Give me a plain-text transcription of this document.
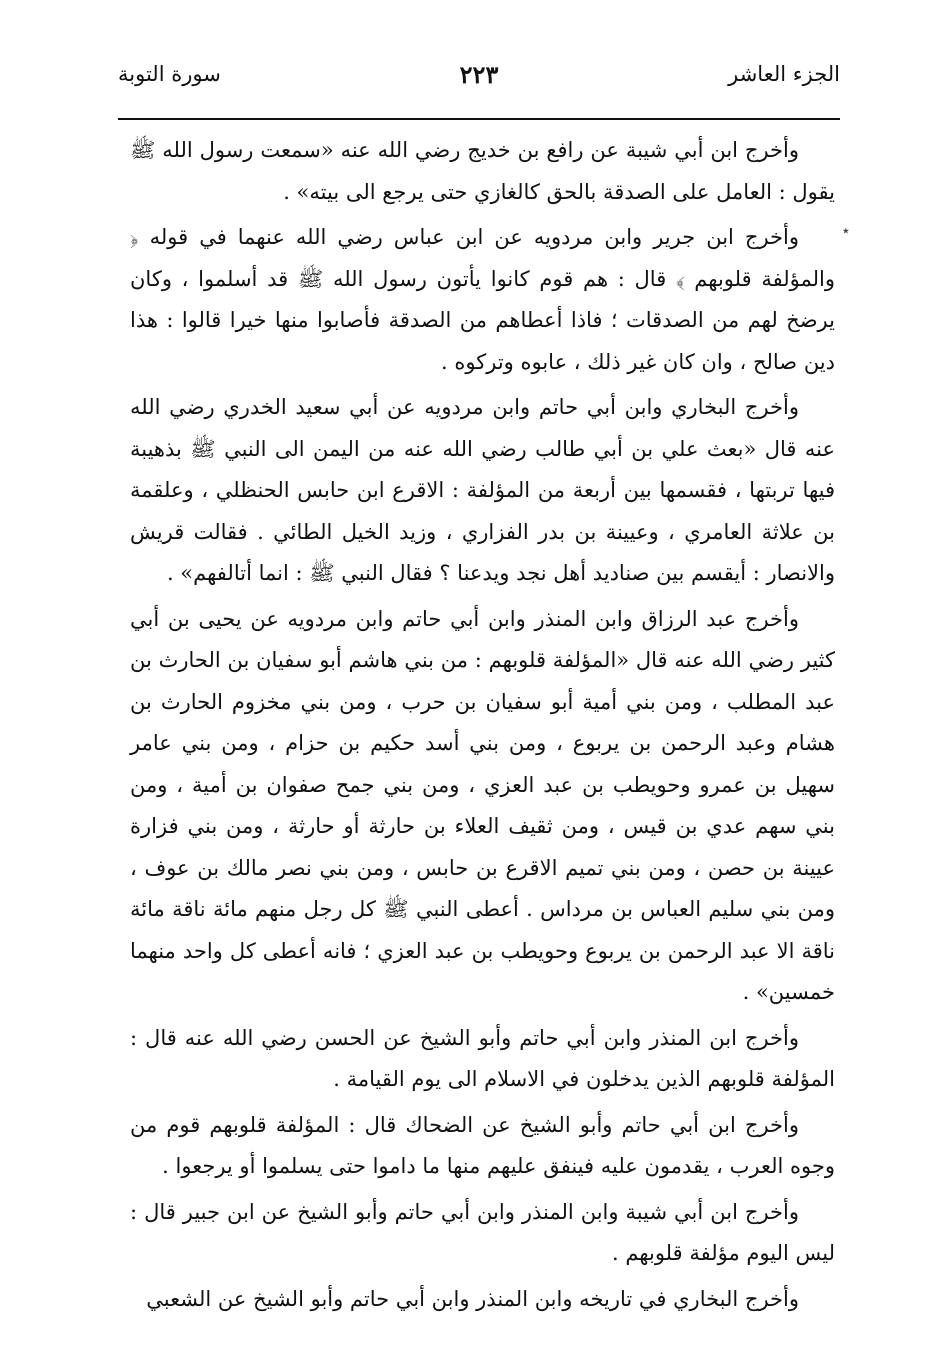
الجزء العاشر
٢٢٣
سورة التوبة
٭

وأخرج ابن أبي شيبة عن رافع بن خديج رضي الله عنه «سمعت رسول الله ﷺ يقول : العامل على الصدقة بالحق كالغازي حتى يرجع الى بيته» .

وأخرج ابن جرير وابن مردويه عن ابن عباس رضي الله عنهما في قوله ﴿ والمؤلفة قلوبهم ﴾ قال : هم قوم كانوا يأتون رسول الله ﷺ قد أسلموا ، وكان يرضخ لهم من الصدقات ؛ فاذا أعطاهم من الصدقة فأصابوا منها خيرا قالوا : هذا دين صالح ، وان كان غير ذلك ، عابوه وتركوه .

وأخرج البخاري وابن أبي حاتم وابن مردويه عن أبي سعيد الخدري رضي الله عنه قال «بعث علي بن أبي طالب رضي الله عنه من اليمن الى النبي ﷺ بذهيبة فيها تربتها ، فقسمها بين أربعة من المؤلفة : الاقرع ابن حابس الحنظلي ، وعلقمة بن علاثة العامري ، وعيينة بن بدر الفزاري ، وزيد الخيل الطائي . فقالت قريش والانصار : أيقسم بين صناديد أهل نجد ويدعنا ؟ فقال النبي ﷺ : انما أتالفهم» .

وأخرج عبد الرزاق وابن المنذر وابن أبي حاتم وابن مردويه عن يحيى بن أبي كثير رضي الله عنه قال «المؤلفة قلوبهم : من بني هاشم أبو سفيان بن الحارث بن عبد المطلب ، ومن بني أمية أبو سفيان بن حرب ، ومن بني مخزوم الحارث بن هشام وعبد الرحمن بن يربوع ، ومن بني أسد حكيم بن حزام ، ومن بني عامر سهيل بن عمرو وحويطب بن عبد العزي ، ومن بني جمح صفوان بن أمية ، ومن بني سهم عدي بن قيس ، ومن ثقيف العلاء بن حارثة أو حارثة ، ومن بني فزارة عيينة بن حصن ، ومن بني تميم الاقرع بن حابس ، ومن بني نصر مالك بن عوف ، ومن بني سليم العباس بن مرداس . أعطى النبي ﷺ كل رجل منهم مائة ناقة مائة ناقة الا عبد الرحمن بن يربوع وحويطب بن عبد العزي ؛ فانه أعطى كل واحد منهما خمسين» .

وأخرج ابن المنذر وابن أبي حاتم وأبو الشيخ عن الحسن رضي الله عنه قال : المؤلفة قلوبهم الذين يدخلون في الاسلام الى يوم القيامة .

وأخرج ابن أبي حاتم وأبو الشيخ عن الضحاك قال : المؤلفة قلوبهم قوم من وجوه العرب ، يقدمون عليه فينفق عليهم منها ما داموا حتى يسلموا أو يرجعوا .

وأخرج ابن أبي شيبة وابن المنذر وابن أبي حاتم وأبو الشيخ عن ابن جبير قال : ليس اليوم مؤلفة قلوبهم .

وأخرج البخاري في تاريخه وابن المنذر وابن أبي حاتم وأبو الشيخ عن الشعبي
